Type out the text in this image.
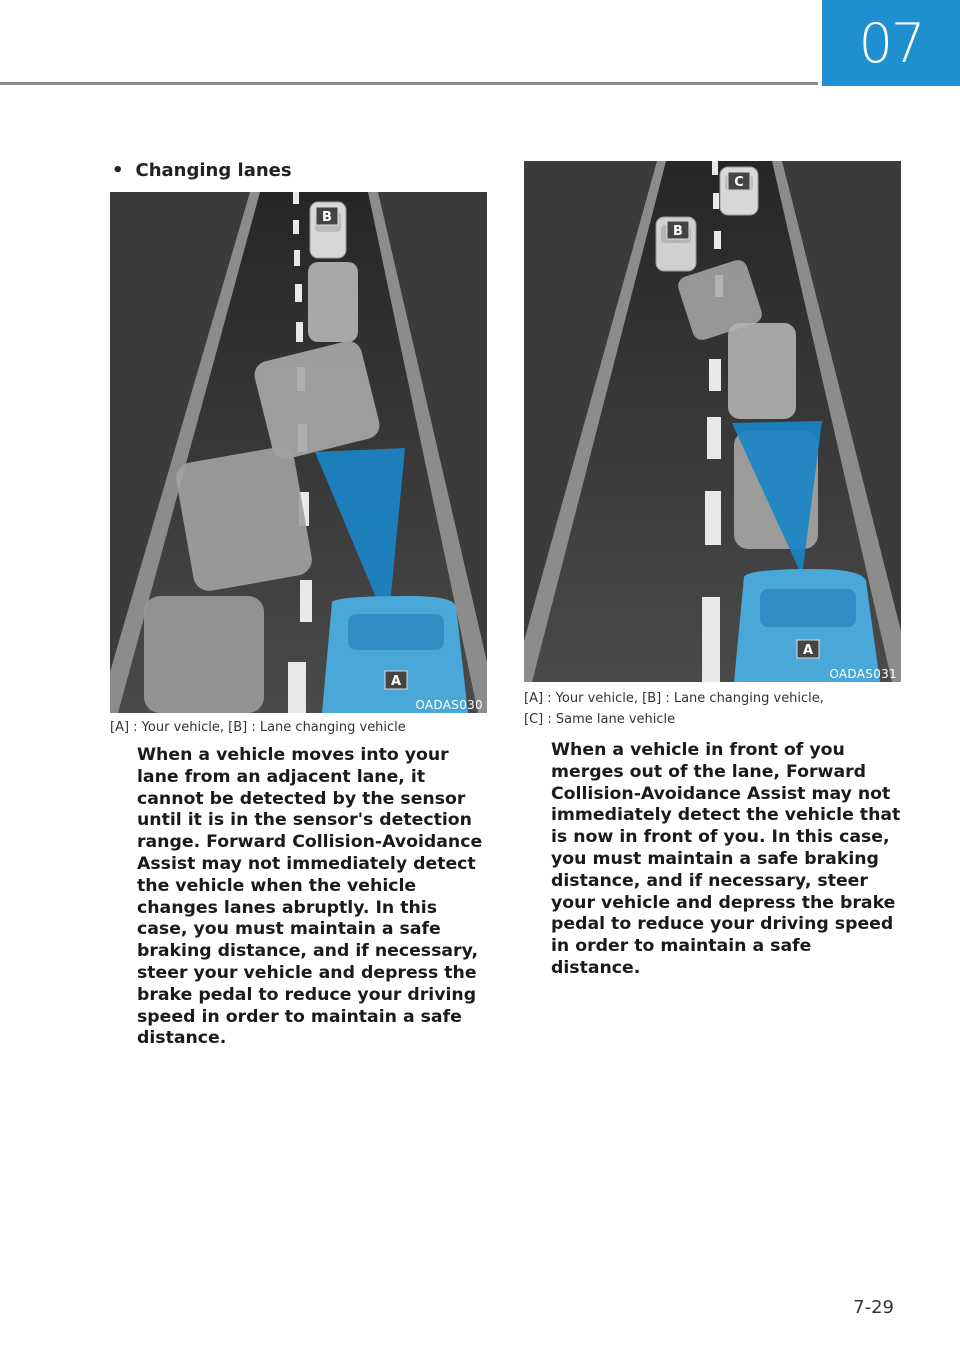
07
• Changing lanes
B
A
OADAS030
[A] : Your vehicle, [B] : Lane changing vehicle
When a vehicle moves into your lane from an adjacent lane, it cannot be detected by the sensor until it is in the sensor's detection range. Forward Collision-Avoidance Assist may not immediately detect the vehicle when the vehicle changes lanes abruptly. In this case, you must maintain a safe braking distance, and if necessary, steer your vehicle and depress the brake pedal to reduce your driving speed in order to maintain a safe distance.
C
B
A
OADAS031
[A] : Your vehicle, [B] : Lane changing vehicle,
[C] : Same lane vehicle
When a vehicle in front of you merges out of the lane, Forward Collision-Avoidance Assist may not immediately detect the vehicle that is now in front of you. In this case, you must maintain a safe braking distance, and if necessary, steer your vehicle and depress the brake pedal to reduce your driving speed in order to maintain a safe distance.
7-29
